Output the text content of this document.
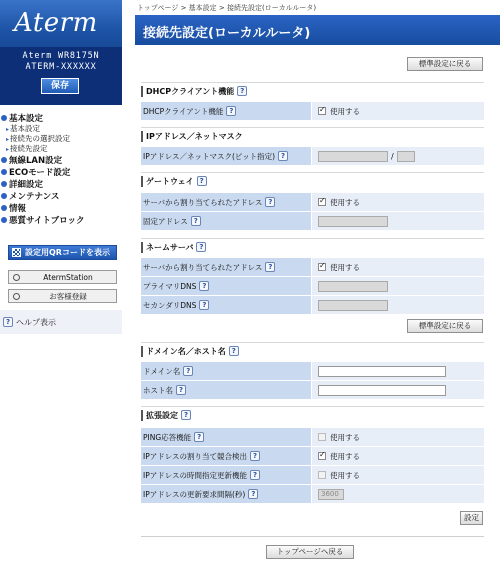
Aterm
Aterm WR8175N
ATERM-XXXXXX
保存
基本設定
▸基本設定
▸接続先の選択設定
▸接続先設定
無線LAN設定
ECOモード設定
詳細設定
メンテナンス
情報
悪質サイトブロック
設定用QRコードを表示
AtermStation
お客様登録
? ヘルプ表示
トップページ > 基本設定 > 接続先設定(ローカルルータ)
接続先設定(ローカルルータ)
標準設定に戻る
DHCPクライアント機能 ?
DHCPクライアント機能 ? ✓	使用する
IPアドレス／ネットマスク
IPアドレス／ネットマスク(ビット指定) ?	/
ゲートウェイ ?
サーバから割り当てられたアドレス ? ✓	使用する
固定アドレス ?
ネームサーバ ?
サーバから割り当てられたアドレス ? ✓	使用する
プライマリDNS ?
セカンダリDNS ?
標準設定に戻る
ドメイン名／ホスト名 ?
ドメイン名 ?
ホスト名 ?
拡張設定 ?
PING応答機能 ?	使用する
IPアドレスの割り当て競合検出 ? ✓	使用する
IPアドレスの時間指定更新機能 ?	使用する
IPアドレスの更新要求間隔(秒) ?	3600
設定
トップページへ戻る
